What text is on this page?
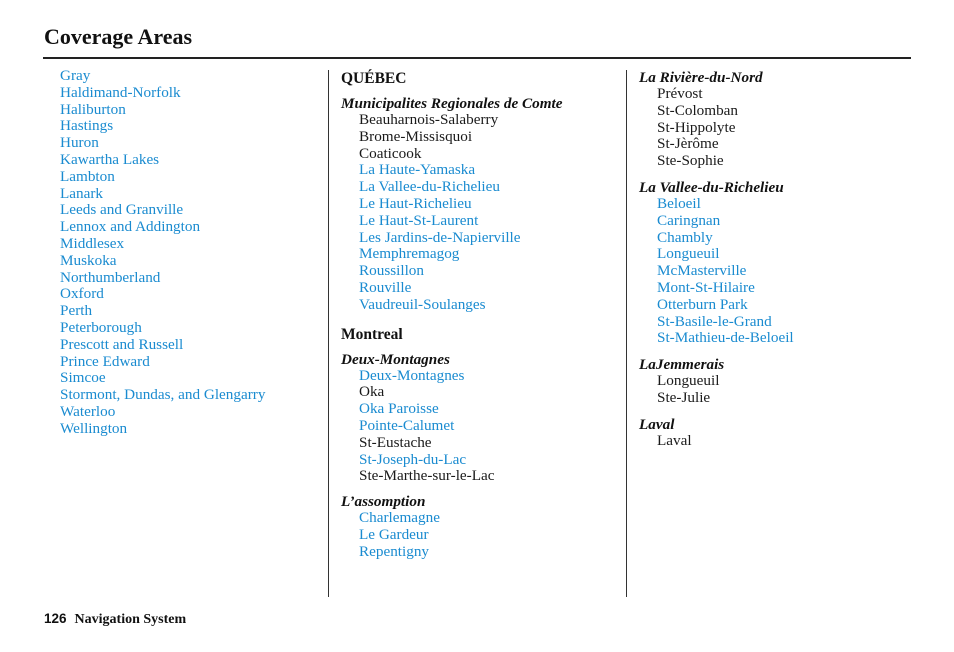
Coverage Areas
Gray
Haldimand-Norfolk
Haliburton
Hastings
Huron
Kawartha Lakes
Lambton
Lanark
Leeds and Granville
Lennox and Addington
Middlesex
Muskoka
Northumberland
Oxford
Perth
Peterborough
Prescott and Russell
Prince Edward
Simcoe
Stormont, Dundas, and Glengarry
Waterloo
Wellington
QUÉBEC
Municipalites Regionales de Comte
Beauharnois-Salaberry
Brome-Missisquoi
Coaticook
La Haute-Yamaska
La Vallee-du-Richelieu
Le Haut-Richelieu
Le Haut-St-Laurent
Les Jardins-de-Napierville
Memphremagog
Roussillon
Rouville
Vaudreuil-Soulanges
Montreal
Deux-Montagnes
Deux-Montagnes
Oka
Oka Paroisse
Pointe-Calumet
St-Eustache
St-Joseph-du-Lac
Ste-Marthe-sur-le-Lac
L’assomption
Charlemagne
Le Gardeur
Repentigny
La Rivière-du-Nord
Prévost
St-Colomban
St-Hippolyte
St-Jèrôme
Ste-Sophie
La Vallee-du-Richelieu
Beloeil
Caringnan
Chambly
Longueuil
McMasterville
Mont-St-Hilaire
Otterburn Park
St-Basile-le-Grand
St-Mathieu-de-Beloeil
LaJemmerais
Longueuil
Ste-Julie
Laval
Laval
126 Navigation System
